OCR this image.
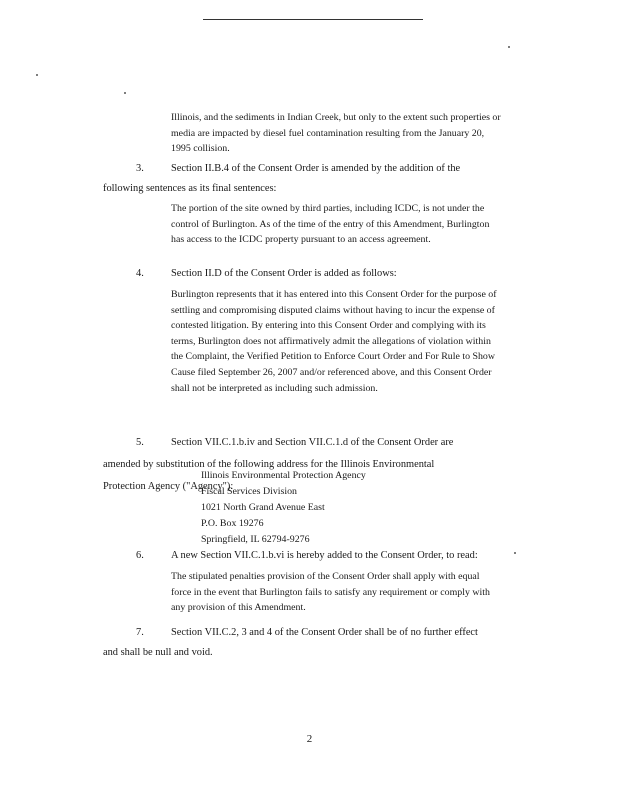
Illinois, and the sediments in Indian Creek, but only to the extent such properties or media are impacted by diesel fuel contamination resulting from the January 20, 1995 collision.

3.	Section II.B.4 of the Consent Order is amended by the addition of the
following sentences as its final sentences:

The portion of the site owned by third parties, including ICDC, is not under the control of Burlington. As of the time of the entry of this Amendment, Burlington has access to the ICDC property pursuant to an access agreement.

4.	Section II.D of the Consent Order is added as follows:

Burlington represents that it has entered into this Consent Order for the purpose of settling and compromising disputed claims without having to incur the expense of contested litigation. By entering into this Consent Order and complying with its terms, Burlington does not affirmatively admit the allegations of violation within the Complaint, the Verified Petition to Enforce Court Order and For Rule to Show Cause filed September 26, 2007 and/or referenced above, and this Consent Order shall not be interpreted as including such admission.

5.	Section VII.C.1.b.iv and Section VII.C.1.d of the Consent Order are
amended by substitution of the following address for the Illinois Environmental
Protection Agency ("Agency"):
Illinois Environmental Protection Agency
Fiscal Services Division
1021 North Grand Avenue East
P.O. Box 19276
Springfield, IL 62794-9276
6.	A new Section VII.C.1.b.vi is hereby added to the Consent Order, to read:

The stipulated penalties provision of the Consent Order shall apply with equal force in the event that Burlington fails to satisfy any requirement or comply with any provision of this Amendment.

7.	Section VII.C.2, 3 and 4 of the Consent Order shall be of no further effect
and shall be null and void.
2
